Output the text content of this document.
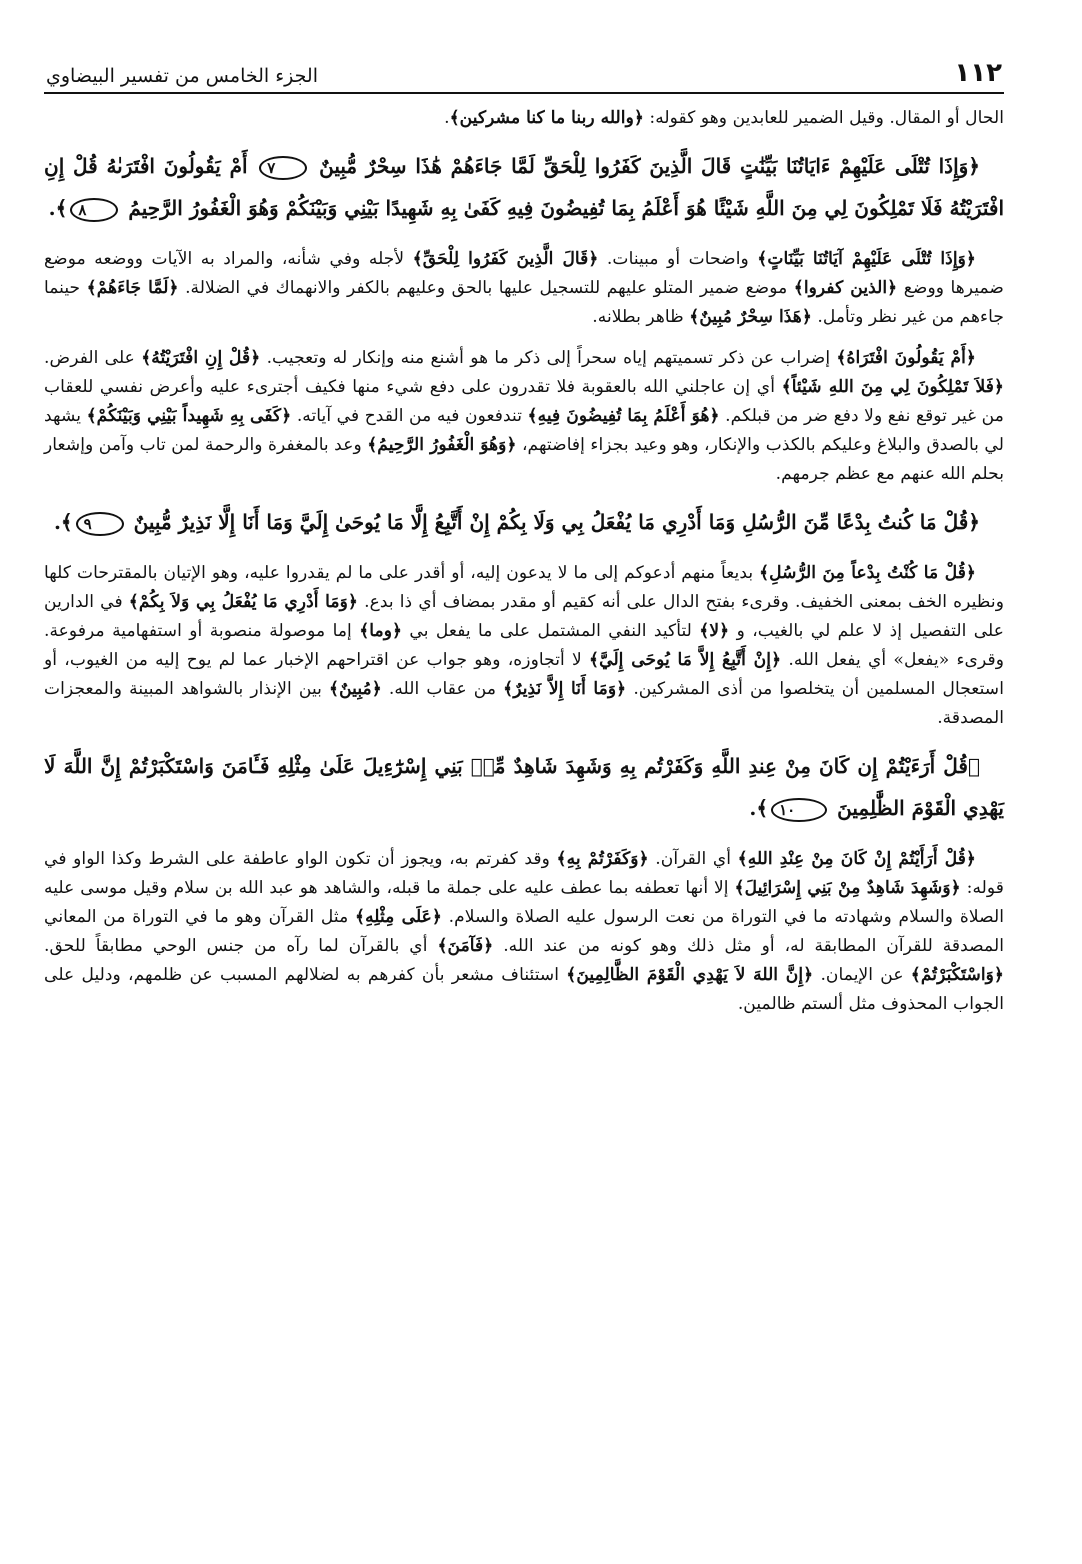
١١٢
الجزء الخامس من تفسير البيضاوي

الحال أو المقال. وقيل الضمير للعابدين وهو كقوله: ﴿والله ربنا ما كنا مشركين﴾.

﴿وَإِذَا تُتْلَى عَلَيْهِمْ ءَايَاتُنَا بَيِّنَٰتٍ قَالَ الَّذِينَ كَفَرُوا لِلْحَقِّ لَمَّا جَاءَهُمْ هَٰذَا سِحْرٌ مُّبِينٌ ٧ أَمْ يَقُولُونَ افْتَرَىٰهُ قُلْ إِنِ افْتَرَيْتُهُ فَلَا تَمْلِكُونَ لِي مِنَ اللَّهِ شَيْئًا هُوَ أَعْلَمُ بِمَا تُفِيضُونَ فِيهِ كَفَىٰ بِهِ شَهِيدًا بَيْنِي وَبَيْنَكُمْ وَهُوَ الْغَفُورُ الرَّحِيمُ ٨﴾.

﴿وَإِذَا تُتْلَى عَلَيْهِمْ آيَاتُنَا بَيِّنَاتٍ﴾ واضحات أو مبينات. ﴿قَالَ الَّذِينَ كَفَرُوا لِلْحَقِّ﴾ لأجله وفي شأنه، والمراد به الآيات ووضعه موضع ضميرها ووضع ﴿الذين كفروا﴾ موضع ضمير المتلو عليهم للتسجيل عليها بالحق وعليهم بالكفر والانهماك في الضلالة. ﴿لَمَّا جَاءَهُمْ﴾ حينما جاءهم من غير نظر وتأمل. ﴿هَذَا سِحْرٌ مُبِينٌ﴾ ظاهر بطلانه.

﴿أَمْ يَقُولُونَ افْتَرَاهُ﴾ إضراب عن ذكر تسميتهم إياه سحراً إلى ذكر ما هو أشنع منه وإنكار له وتعجيب. ﴿قُلْ إِنِ افْتَرَيْتُهُ﴾ على الفرض. ﴿فَلاَ تَمْلِكُونَ لِي مِنَ اللهِ شَيْئاً﴾ أي إن عاجلني الله بالعقوبة فلا تقدرون على دفع شيء منها فكيف أجترىء عليه وأعرض نفسي للعقاب من غير توقع نفع ولا دفع ضر من قبلكم. ﴿هُوَ أَعْلَمُ بِمَا تُفِيضُونَ فِيهِ﴾ تندفعون فيه من القدح في آياته. ﴿كَفَى بِهِ شَهِيداً بَيْنِي وَبَيْنَكُمْ﴾ يشهد لي بالصدق والبلاغ وعليكم بالكذب والإنكار، وهو وعيد بجزاء إفاضتهم، ﴿وَهُوَ الْغَفُورُ الرَّحِيمُ﴾ وعد بالمغفرة والرحمة لمن تاب وآمن وإشعار بحلم الله عنهم مع عظم جرمهم.

﴿قُلْ مَا كُنتُ بِدْعًا مِّنَ الرُّسُلِ وَمَا أَدْرِي مَا يُفْعَلُ بِي وَلَا بِكُمْ إِنْ أَتَّبِعُ إِلَّا مَا يُوحَىٰ إِلَيَّ وَمَا أَنَا إِلَّا نَذِيرٌ مُّبِينٌ ٩﴾.

﴿قُلْ مَا كُنْتُ بِدْعاً مِنَ الرُّسُلِ﴾ بديعاً منهم أدعوكم إلى ما لا يدعون إليه، أو أقدر على ما لم يقدروا عليه، وهو الإتيان بالمقترحات كلها ونظيره الخف بمعنى الخفيف. وقرىء بفتح الدال على أنه كقيم أو مقدر بمضاف أي ذا بدع. ﴿وَمَا أَدْرِي مَا يُفْعَلُ بِي وَلاَ بِكُمْ﴾ في الدارين على التفصيل إذ لا علم لي بالغيب، و ﴿لا﴾ لتأكيد النفي المشتمل على ما يفعل بي ﴿وما﴾ إما موصولة منصوبة أو استفهامية مرفوعة. وقرىء «يفعل» أي يفعل الله. ﴿إِنْ أَتَّبِعُ إِلاَّ مَا يُوحَى إِلَيَّ﴾ لا أتجاوزه، وهو جواب عن اقتراحهم الإخبار عما لم يوح إليه من الغيوب، أو استعجال المسلمين أن يتخلصوا من أذى المشركين. ﴿وَمَا أَنَا إِلاَّ نَذِيرٌ﴾ من عقاب الله. ﴿مُبِينٌ﴾ بين الإنذار بالشواهد المبينة والمعجزات المصدقة.

﴿قُلْ أَرَءَيْتُمْ إِن كَانَ مِنْ عِندِ اللَّهِ وَكَفَرْتُم بِهِ وَشَهِدَ شَاهِدٌ مِّنۢ بَنِي إِسْرَٰٓءِيلَ عَلَىٰ مِثْلِهِ فَـَٔامَنَ وَاسْتَكْبَرْتُمْ إِنَّ اللَّهَ لَا يَهْدِي الْقَوْمَ الظَّٰلِمِينَ ١٠﴾.

﴿قُلْ أَرَأَيْتُمْ إِنْ كَانَ مِنْ عِنْدِ اللهِ﴾ أي القرآن. ﴿وَكَفَرْتُمْ بِهِ﴾ وقد كفرتم به، ويجوز أن تكون الواو عاطفة على الشرط وكذا الواو في قوله: ﴿وَشَهِدَ شَاهِدٌ مِنْ بَنِي إِسْرَائِيلَ﴾ إلا أنها تعطفه بما عطف عليه على جملة ما قبله، والشاهد هو عبد الله بن سلام وقيل موسى عليه الصلاة والسلام وشهادته ما في التوراة من نعت الرسول عليه الصلاة والسلام. ﴿عَلَى مِثْلِهِ﴾ مثل القرآن وهو ما في التوراة من المعاني المصدقة للقرآن المطابقة له، أو مثل ذلك وهو كونه من عند الله. ﴿فَآمَنَ﴾ أي بالقرآن لما رآه من جنس الوحي مطابقاً للحق. ﴿وَاسْتَكْبَرْتُمْ﴾ عن الإيمان. ﴿إِنَّ اللهَ لاَ يَهْدِي الْقَوْمَ الظَّالِمِينَ﴾ استئناف مشعر بأن كفرهم به لضلالهم المسبب عن ظلمهم، ودليل على الجواب المحذوف مثل ألستم ظالمين.
